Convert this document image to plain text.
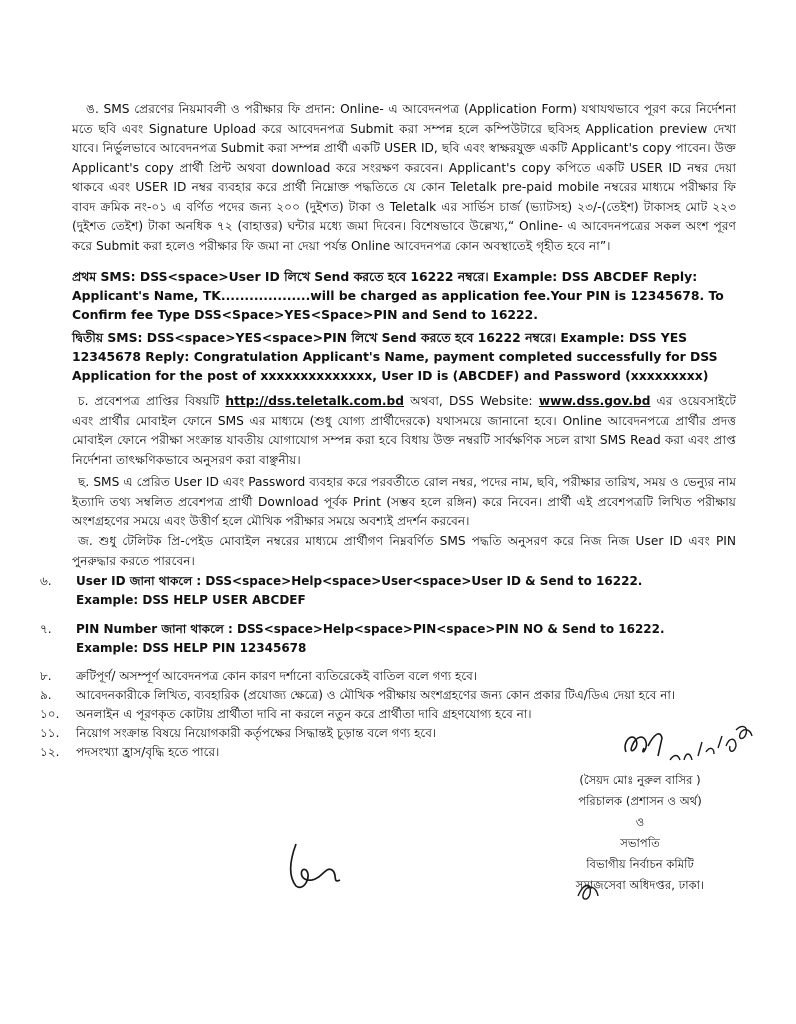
ঙ. SMS প্রেরণের নিয়মাবলী ও পরীক্ষার ফি প্রদান: Online- এ আবেদনপত্র (Application Form) যথাযথভাবে পূরণ করে নির্দেশনা মতে ছবি এবং Signature Upload করে আবেদনপত্র Submit করা সম্পন্ন হলে কম্পিউটারে ছবিসহ Application preview দেখা যাবে। নির্ভুলভাবে আবেদনপত্র Submit করা সম্পন্ন প্রার্থী একটি USER ID, ছবি এবং স্বাক্ষরযুক্ত একটি Applicant's copy পাবেন। উক্ত Applicant's copy প্রার্থী প্রিন্ট অথবা download করে সংরক্ষণ করবেন। Applicant's copy কপিতে একটি USER ID নম্বর দেয়া থাকবে এবং USER ID নম্বর ব্যবহার করে প্রার্থী নিম্নোক্ত পদ্ধতিতে যে কোন Teletalk pre-paid mobile নম্বরের মাধ্যমে পরীক্ষার ফি বাবদ ক্রমিক নং-০১ এ বর্ণিত পদের জন্য ২০০ (দুইশত) টাকা ও Teletalk এর সার্ভিস চার্জ (ভ্যাটসহ) ২৩/-(তেইশ) টাকাসহ মোট ২২৩ (দুইশত তেইশ) টাকা অনধিক ৭২ (বাহাত্তর) ঘন্টার মধ্যে জমা দিবেন। বিশেষভাবে উল্লেখ্য,“ Online- এ আবেদনপত্রের সকল অংশ পূরণ করে Submit করা হলেও পরীক্ষার ফি জমা না দেয়া পর্যন্ত Online আবেদনপত্র কোন অবস্থাতেই গৃহীত হবে না”।
প্রথম SMS: DSS<space>User ID লিখে Send করতে হবে 16222 নম্বরে। Example: DSS ABCDEF Reply: Applicant's Name, TK...................will be charged as application fee.Your PIN is 12345678. To Confirm fee Type DSS<Space>YES<Space>PIN and Send to 16222.
দ্বিতীয় SMS: DSS<space>YES<space>PIN লিখে Send করতে হবে 16222 নম্বরে। Example: DSS YES 12345678 Reply: Congratulation Applicant's Name, payment completed successfully for DSS Application for the post of xxxxxxxxxxxxxx, User ID is (ABCDEF) and Password (xxxxxxxxx)
চ. প্রবেশপত্র প্রাপ্তির বিষয়টি http://dss.teletalk.com.bd অথবা, DSS Website: www.dss.gov.bd এর ওয়েবসাইটে এবং প্রার্থীর মোবাইল ফোনে SMS এর মাধ্যমে (শুধু যোগ্য প্রার্থীদেরকে) যথাসময়ে জানানো হবে। Online আবেদনপত্রে প্রার্থীর প্রদত্ত মোবাইল ফোনে পরীক্ষা সংক্রান্ত যাবতীয় যোগাযোগ সম্পন্ন করা হবে বিধায় উক্ত নম্বরটি সার্বক্ষণিক সচল রাখা SMS Read করা এবং প্রাপ্ত নির্দেশনা তাৎক্ষণিকভাবে অনুসরণ করা বাঞ্ছনীয়।
ছ. SMS এ প্রেরিত User ID এবং Password ব্যবহার করে পরবর্তীতে রোল নম্বর, পদের নাম, ছবি, পরীক্ষার তারিখ, সময় ও ভেন্যুর নাম ইত্যাদি তথ্য সম্বলিত প্রবেশপত্র প্রার্থী Download পূর্বক Print (সম্ভব হলে রঙ্গিন) করে নিবেন। প্রার্থী এই প্রবেশপত্রটি লিখিত পরীক্ষায় অংশগ্রহণের সময়ে এবং উত্তীর্ণ হলে মৌখিক পরীক্ষার সময়ে অবশ্যই প্রদর্শন করবেন।
জ. শুধু টেলিটক প্রি-পেইড মোবাইল নম্বরের মাধ্যমে প্রার্থীগণ নিম্নবর্ণিত SMS পদ্ধতি অনুসরণ করে নিজ নিজ User ID এবং PIN পুনরুদ্ধার করতে পারবেন।
৬.	User ID জানা থাকলে : DSS<space>Help<space>User<space>User ID & Send to 16222.
Example: DSS HELP USER ABCDEF
৭.	PIN Number জানা থাকলে : DSS<space>Help<space>PIN<space>PIN NO & Send to 16222.
Example: DSS HELP PIN 12345678
৮.	ক্রটিপূর্ণ/ অসম্পূর্ণ আবেদনপত্র কোন কারণ দর্শানো ব্যতিরেকেই বাতিল বলে গণ্য হবে।
৯.	আবেদনকারীকে লিখিত, ব্যবহারিক (প্রযোজ্য ক্ষেত্রে) ও মৌখিক পরীক্ষায় অংশগ্রহণের জন্য কোন প্রকার টিএ/ডিএ দেয়া হবে না।
১০.	অনলাইন এ পূরণকৃত কোটায় প্রার্থীতা দাবি না করলে নতুন করে প্রার্থীতা দাবি গ্রহণযোগ্য হবে না।
১১.	নিয়োগ সংক্রান্ত বিষয়ে নিয়োগকারী কর্তৃপক্ষের সিদ্ধান্তই চূড়ান্ত বলে গণ্য হবে।
১২.	পদসংখ্যা হ্রাস/বৃদ্ধি হতে পারে।
(সৈয়দ মোঃ নুরুল বাসির )
পরিচালক (প্রশাসন ও অর্থ)
ও
সভাপতি
বিভাগীয় নির্বাচন কমিটি
সমাজসেবা অধিদপ্তর, ঢাকা।
